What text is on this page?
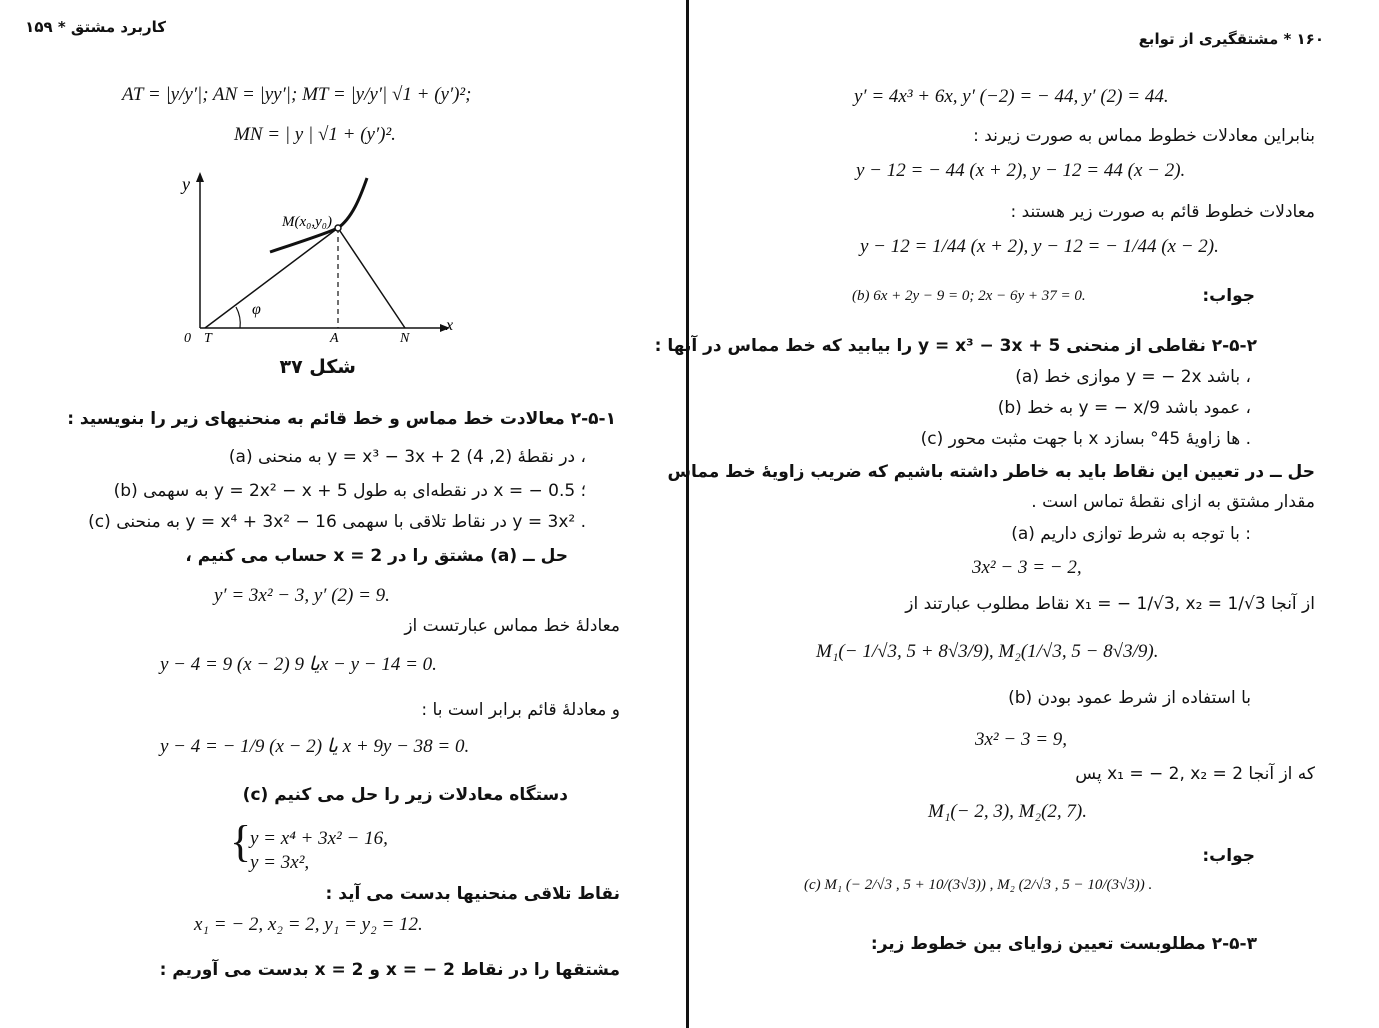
کاربرد مشتق * ۱۵۹
AT = |y/y′|; AN = |yy′|; MT = |y/y′| √1 + (y′)²;
MN = | y | √1 + (y′)².
y
x
M(x₀,y₀)
φ
0 T	A	N
شکل ۳۷
۲-۵-۱ معالادت خط مماس و خط قائم به منحنیهای زیر را بنویسید :
(a) به منحنی y = x³ − 3x + 2 در نقطهٔ (2, 4) ،
(b) به سهمی y = 2x² − x + 5 در نقطه‌ای به طول x = − 0.5 ؛
(c) به منحنی y = x⁴ + 3x² − 16 در نقاط تلاقی با سهمی y = 3x² .
حل ــ (a) مشتق را در x = 2 حساب می کنیم ،
y′ = 3x² − 3, y′ (2) = 9.
معادلهٔ خط مماس عبارتست از
y − 4 = 9 (x − 2) یا 9x − y − 14 = 0.
و معادلهٔ قائم برابر است با :
y − 4 = − 1/9 (x − 2) یا x + 9y − 38 = 0.
(c) دستگاه معادلات زیر را حل می کنیم
{
y = x⁴ + 3x² − 16,
y = 3x²,
نقاط تلاقی منحنیها بدست می آید :
x₁ = − 2, x₂ = 2, y₁ = y₂ = 12.
مشتقها را در نقاط x = − 2 و x = 2 بدست می آوریم :
۱۶۰ * مشتقگیری از توابع
y′ = 4x³ + 6x, y′ (−2) = − 44, y′ (2) = 44.
بنابراین معادلات خطوط مماس به صورت زیرند :
y − 12 = − 44 (x + 2), y − 12 = 44 (x − 2).
معادلات خطوط قائم به صورت زیر هستند :
y − 12 = 1/44 (x + 2), y − 12 = − 1/44 (x − 2).
جواب:
(b) 6x + 2y − 9 = 0; 2x − 6y + 37 = 0.
۲-۵-۲ نقاطی از منحنی y = x³ − 3x + 5 را بیابید که خط مماس در آنها :
(a) موازی خط y = − 2x باشد ،
(b) به خط y = − x/9 عمود باشد ،
(c) با جهت مثبت محور x ها زاویهٔ 45° بسازد .
حل ــ در تعیین این نقاط باید به خاطر داشته باشیم که ضریب زاویهٔ خط مماس
مقدار مشتق به ازای نقطهٔ تماس است .
(a) با توجه به شرط توازی داریم :
3x² − 3 = − 2,
از آنجا x₁ = − 1/√3, x₂ = 1/√3 نقاط مطلوب عبارتند از
M₁(− 1/√3, 5 + 8√3/9), M₂(1/√3, 5 − 8√3/9).
(b) با استفاده از شرط عمود بودن
3x² − 3 = 9,
که از آنجا x₁ = − 2, x₂ = 2 پس
M₁(− 2, 3), M₂(2, 7).
جواب:
(c) M₁ (− 2/√3 , 5 + 10/(3√3)) , M₂ (2/√3 , 5 − 10/(3√3)) .
۲-۵-۳ مطلوبست تعیین زوایای بین خطوط زیر:
